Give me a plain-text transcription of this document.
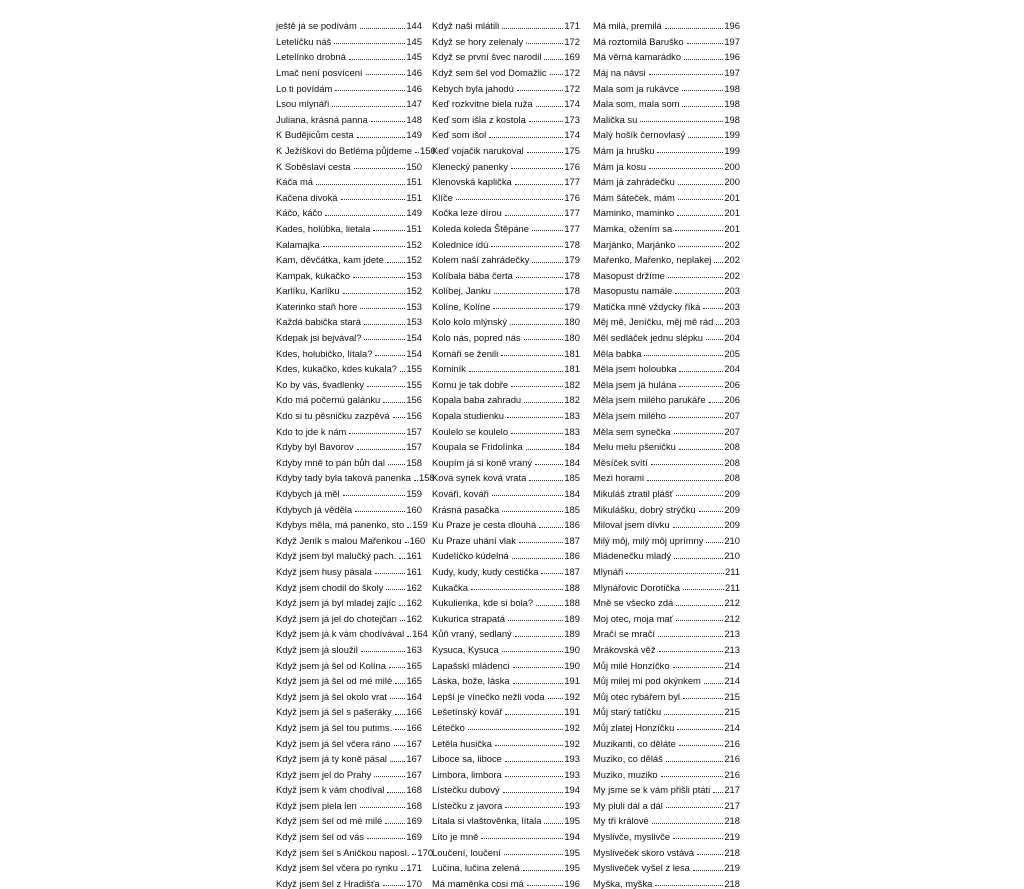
ještě já se podívám	144
Letelíčku náš	145
Letelínko drobná	145
Lmač není posvícení	146
Lo ti povídám	146
Lsou mlynáři	147
Juliana, krásná panna	148
K Budějicům cesta	149
K Ježíškovi do Betléma půjdeme 150
K Soběslavi cesta	150
Káča má	151
Kačena divoká	151
Káčo, káčo	149
Kades, holúbka, lietala	151
Kalamajka	152
Kam, děvčátka, kam jdete 152
Kampak, kukačko	153
Karlíku, Karlíku	152
Katerinko staň hore	153
Každá babička stará	153
Kdepak jsi bejvával?	154
Kdes, holubičko, lítala?	154
Kdes, kukačko, kdes kukala? 155
Ko by vás, švadlenky	155
Kdo má počernú galánku	156
Kdo si tu pěsničku zazpěvá 156
Kdo to jde k nám	157
Kdyby byl Bavorov	157
Kdyby mně to pán bůh dal 158
Kdyby tady byla taková panenka 158
Kdybych já měl	159
Kdybych já věděla	160
Kdybys měla, má panenko, sto 159
Když Jeník s malou Mařenkou 160
Když jsem byl malučký pach. 161
Když jsem husy pásala	161
Když jsem chodil do školy 162
Když jsem já byl mladej zajíc 162
Když jsem já jel do chotejčan 162
Když jsem já k vám chodívával 164
Když jsem já sloužil	163
Když jsem já šel od Kolína 165
Když jsem já šel od mé milé 165
Když jsem já šel okolo vrat 164
Když jsem já šel s pašeráky 166
Když jsem já šel tou putims. 166
Když jsem já šel včera ráno 167
Když jsem já ty koně pásal 167
Když jsem jel do Prahy	167
Když jsem k vám chodíval 168
Když jsem plela len	168
Když jsem šel od mé milé	169
Když jsem šel od vás	169
Když jsem šel s Aničkou naposl. 170
Když jsem šel včera po rynku 171
Když jsem šel z Hradišťa	170
Když naši mlátili	171
Když se hory zelenaly	172
Když se první švec narodil 169
Když sem šel vod Domažlic 172
Kebych byla jahodú	172
Keď rozkvitne biela ruža	174
Keď som išla z kostola	173
Keď som išol	174
Keď vojačik narukoval	175
Klenecký panenky	176
Klenovská kaplička	177
Klíče	176
Kočka leze dírou	177
Koleda koleda Štěpáne	177
Kolednice idú	178
Kolem naší zahrádečky	179
Kolíbala bába čerta	178
Kolíbej, Janku	178
Kolíne, Kolíne	179
Kolo kolo mlýnský	180
Kolo nás, popred nás	180
Komáři se ženili	181
Kominík	181
Komu je tak dobře	182
Kopala baba zahradu	182
Kopala studienku	183
Koulelo se koulelo	183
Koupala se Fridolínka	184
Koupím já si koně vraný	184
Ková synek ková vrata	185
Kováři, kováři	184
Krásná pasačka	185
Ku Praze je cesta dlouhá	186
Ku Praze uhání vlak	187
Kudelíčko kúdelná	186
Kudy, kudy, kudy cestička	187
Kukačka	188
Kukulienka, kde si bola?	188
Kukurica strapatá	189
Kůň vraný, sedlaný	189
Kysuca, Kysuca	190
Lapašskí mládenci	190
Láska, bože, láska	191
Lepší je vínečko nežli voda 192
Lešetínský kovář	191
Létečko	192
Letěla husička	192
Liboce sa, liboce	193
Limbora, limbora	193
Lístečku dubový	194
Lístečku z javora	193
Lítala si vlaštověnka, lítala 195
Líto je mně	194
Loučení, loučení	195
Lučina, lučina zelená	195
Má maměnka cosi má	196
Má milá, premilá	196
Má roztomilá Baruško	197
Má věrná kamarádko	196
Máj na návsi	197
Mala som ja rukávce	198
Mala som, mala som	198
Malička su	198
Malý hošík černovlasý	199
Mám ja hrušku	199
Mám ja kosu	200
Mám já zahrádečku	200
Mám šáteček, mám	201
Maminko, maminko	201
Mamka, ožením sa	201
Marjánko, Marjánko	202
Mařenko, Mařenko, neplakej 202
Masopust držíme	202
Masopustu namále	203
Matička mně vždycky říká	203
Měj mě, Jeníčku, měj mě rád 203
Měl sedláček jednu slépku 204
Měla babka	205
Měla jsem holoubka	204
Měla jsem já hulána	206
Měla jsem milého parukáře 206
Měla jsem milého	207
Měla sem synečka	207
Melu melu pšeničku	208
Měsíček svítí	208
Mezi horami	208
Mikuláš ztratil plášť	209
Mikulášku, dobrý strýčku	209
Miloval jsem dívku	209
Milý môj, milý môj uprímny 210
Mládenečku mladý	210
Mlynáři	211
Mlynářovic Dorotička	211
Mně se všecko zdá	212
Moj otec, moja mať	212
Mračí se mračí	213
Mrákovská věž	213
Můj milé Honzíčko	214
Můj milej mi pod okýnkem 214
Můj otec rybářem byl	215
Můj starý tatíčku	215
Můj zlatej Honzíčku	214
Muzikanti, co děláte	216
Muziko, co děláš	216
Muziko, muziko	216
My jsme se k vám přišli ptáti 217
My pluli dál a dál	217
My tři králové	218
Myslivče, myslivče	219
Mysliveček skoro vstává	218
Mysliveček vyšel z lesa	219
Myška, myška	218
